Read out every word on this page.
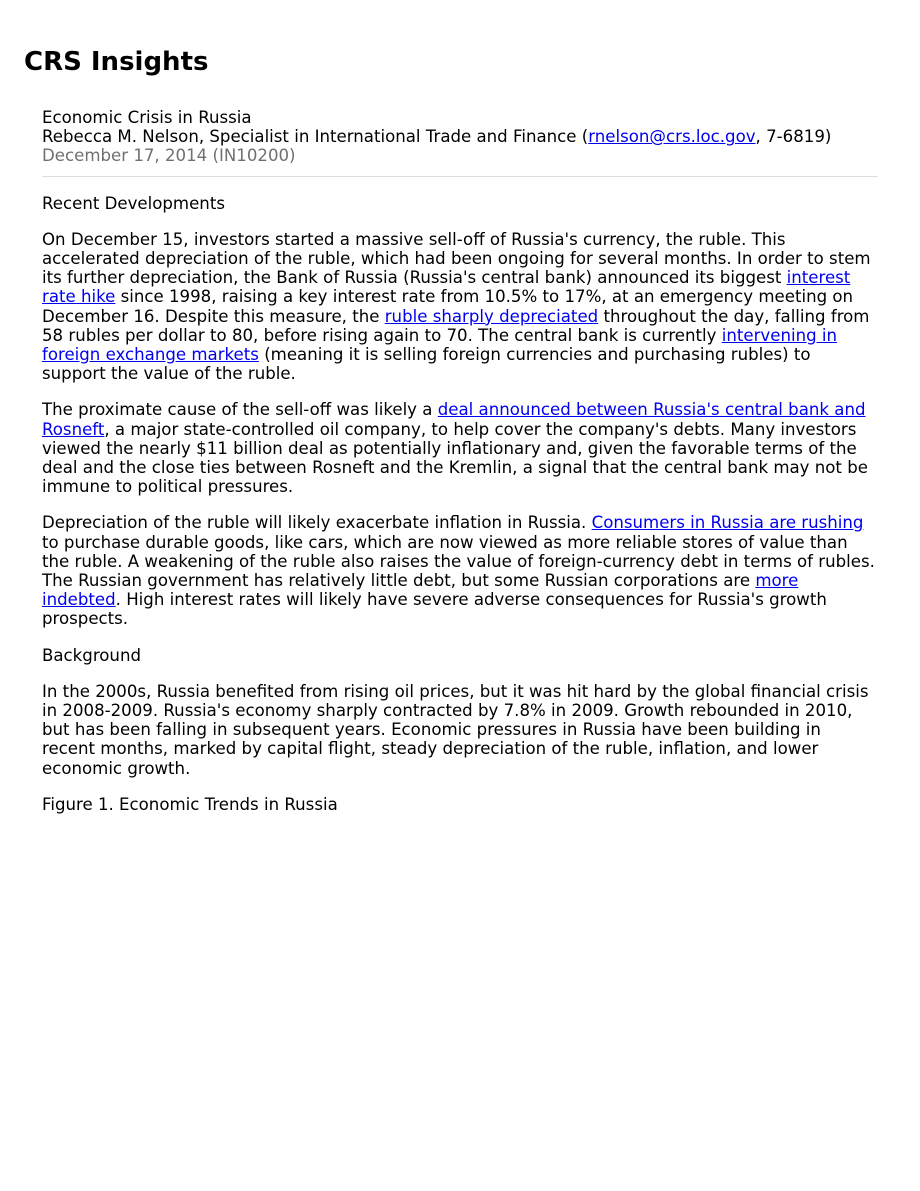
CRS Insights
Economic Crisis in Russia
Rebecca M. Nelson, Specialist in International Trade and Finance (rnelson@crs.loc.gov, 7-6819)
December 17, 2014 (IN10200)
Recent Developments

On December 15, investors started a massive sell-off of Russia's currency, the ruble. This accelerated depreciation of the ruble, which had been ongoing for several months. In order to stem its further depreciation, the Bank of Russia (Russia's central bank) announced its biggest interest rate hike since 1998, raising a key interest rate from 10.5% to 17%, at an emergency meeting on December 16. Despite this measure, the ruble sharply depreciated throughout the day, falling from 58 rubles per dollar to 80, before rising again to 70. The central bank is currently intervening in foreign exchange markets (meaning it is selling foreign currencies and purchasing rubles) to support the value of the ruble.

The proximate cause of the sell-off was likely a deal announced between Russia's central bank and Rosneft, a major state-controlled oil company, to help cover the company's debts. Many investors viewed the nearly $11 billion deal as potentially inflationary and, given the favorable terms of the deal and the close ties between Rosneft and the Kremlin, a signal that the central bank may not be immune to political pressures.

Depreciation of the ruble will likely exacerbate inflation in Russia. Consumers in Russia are rushing to purchase durable goods, like cars, which are now viewed as more reliable stores of value than the ruble. A weakening of the ruble also raises the value of foreign-currency debt in terms of rubles. The Russian government has relatively little debt, but some Russian corporations are more indebted. High interest rates will likely have severe adverse consequences for Russia's growth prospects.

Background

In the 2000s, Russia benefited from rising oil prices, but it was hit hard by the global financial crisis in 2008-2009. Russia's economy sharply contracted by 7.8% in 2009. Growth rebounded in 2010, but has been falling in subsequent years. Economic pressures in Russia have been building in recent months, marked by capital flight, steady depreciation of the ruble, inflation, and lower economic growth.

Figure 1. Economic Trends in Russia
